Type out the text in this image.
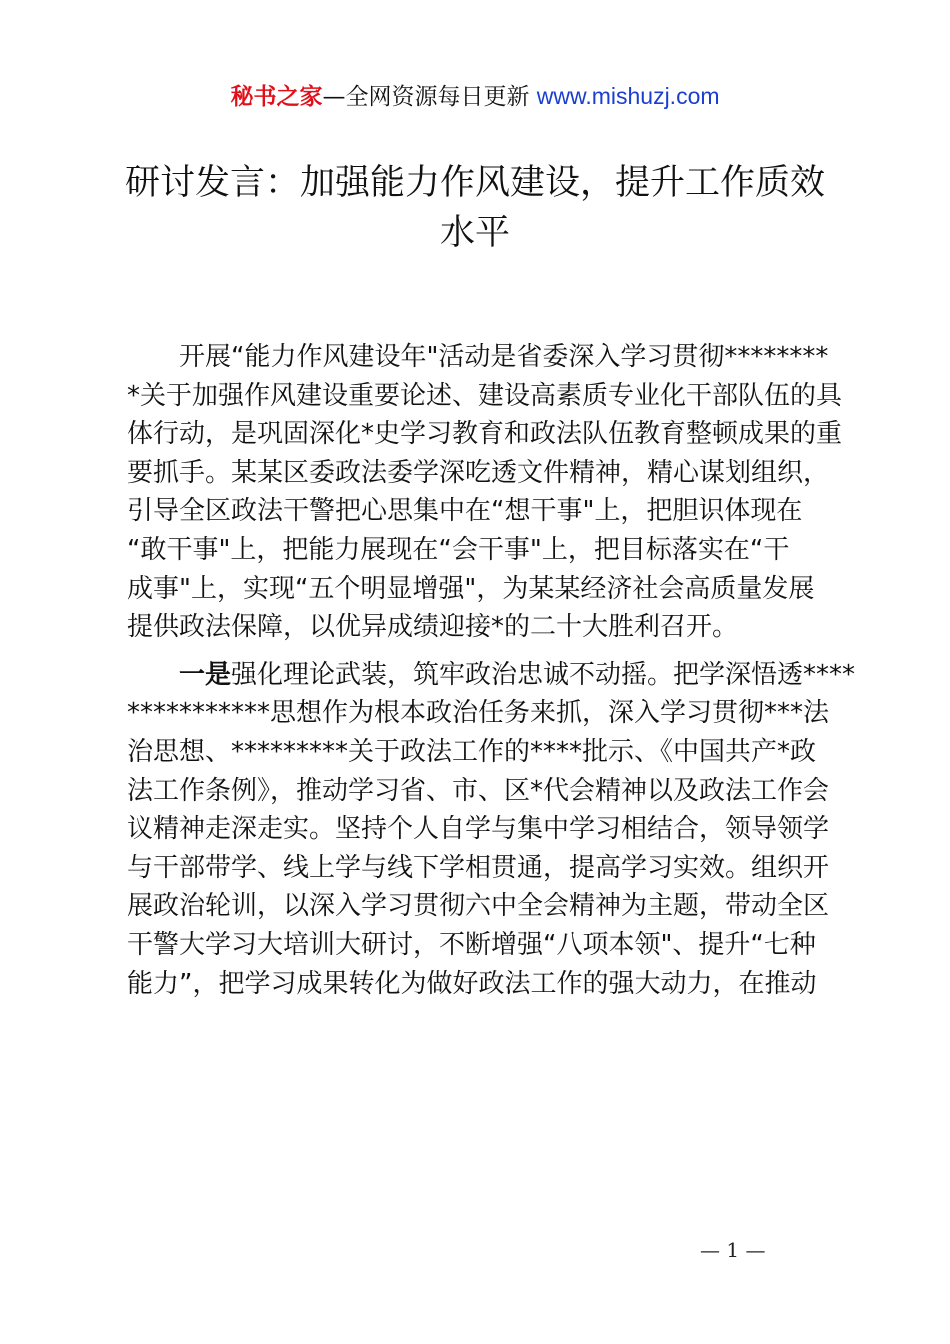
秘书之家—全网资源每日更新 www.mishuzj.com
研讨发言：加强能力作风建设，提升工作质效
水平
开展“能力作风建设年"活动是省委深入学习贯彻********
*关于加强作风建设重要论述、建设高素质专业化干部队伍的具
体行动，是巩固深化*史学习教育和政法队伍教育整顿成果的重
要抓手。某某区委政法委学深吃透文件精神，精心谋划组织，
引导全区政法干警把心思集中在“想干事"上，把胆识体现在
“敢干事"上，把能力展现在“会干事"上，把目标落实在“干
成事"上，实现“五个明显增强"，为某某经济社会高质量发展
提供政法保障，以优异成绩迎接*的二十大胜利召开。
一是强化理论武装，筑牢政治忠诚不动摇。把学深悟透****
***********思想作为根本政治任务来抓，深入学习贯彻***法
治思想、*********关于政法工作的****批示、《中国共产*政
法工作条例》，推动学习省、市、区*代会精神以及政法工作会
议精神走深走实。坚持个人自学与集中学习相结合，领导领学
与干部带学、线上学与线下学相贯通，提高学习实效。组织开
展政治轮训，以深入学习贯彻六中全会精神为主题，带动全区
干警大学习大培训大研讨，不断增强“八项本领"、提升“七种
能力”，把学习成果转化为做好政法工作的强大动力，在推动
— 1 —
